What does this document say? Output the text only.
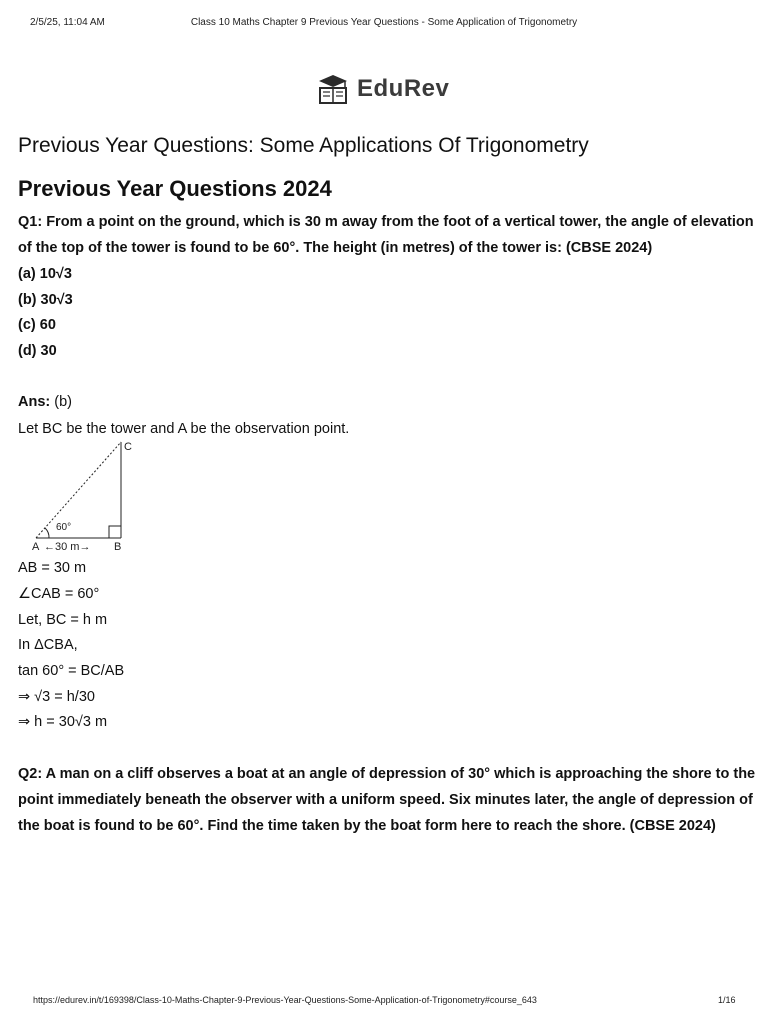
2/5/25, 11:04 AM	Class 10 Maths Chapter 9 Previous Year Questions - Some Application of Trigonometry
EduRev
Previous Year Questions: Some Applications Of Trigonometry
Previous Year Questions 2024
Q1: From a point on the ground, which is 30 m away from the foot of a vertical tower, the angle of elevation
of the top of the tower is found to be 60°. The height (in metres) of the tower is: (CBSE 2024)
(a) 10√3
(b) 30√3
(c) 60
(d) 30
Ans: (b)
Let BC be the tower and A be the observation point.
C
60°
A ←30 m→ B
AB = 30 m
∠CAB = 60°
Let, BC = h m
In ΔCBA,
tan 60° = BC/AB
⇒ √3 = h/30
⇒ h = 30√3 m
Q2: A man on a cliff observes a boat at an angle of depression of 30° which is approaching the shore to the
point immediately beneath the observer with a uniform speed. Six minutes later, the angle of depression of
the boat is found to be 60°. Find the time taken by the boat form here to reach the shore. (CBSE 2024)
https://edurev.in/t/169398/Class-10-Maths-Chapter-9-Previous-Year-Questions-Some-Application-of-Trigonometry#course_643	1/16
